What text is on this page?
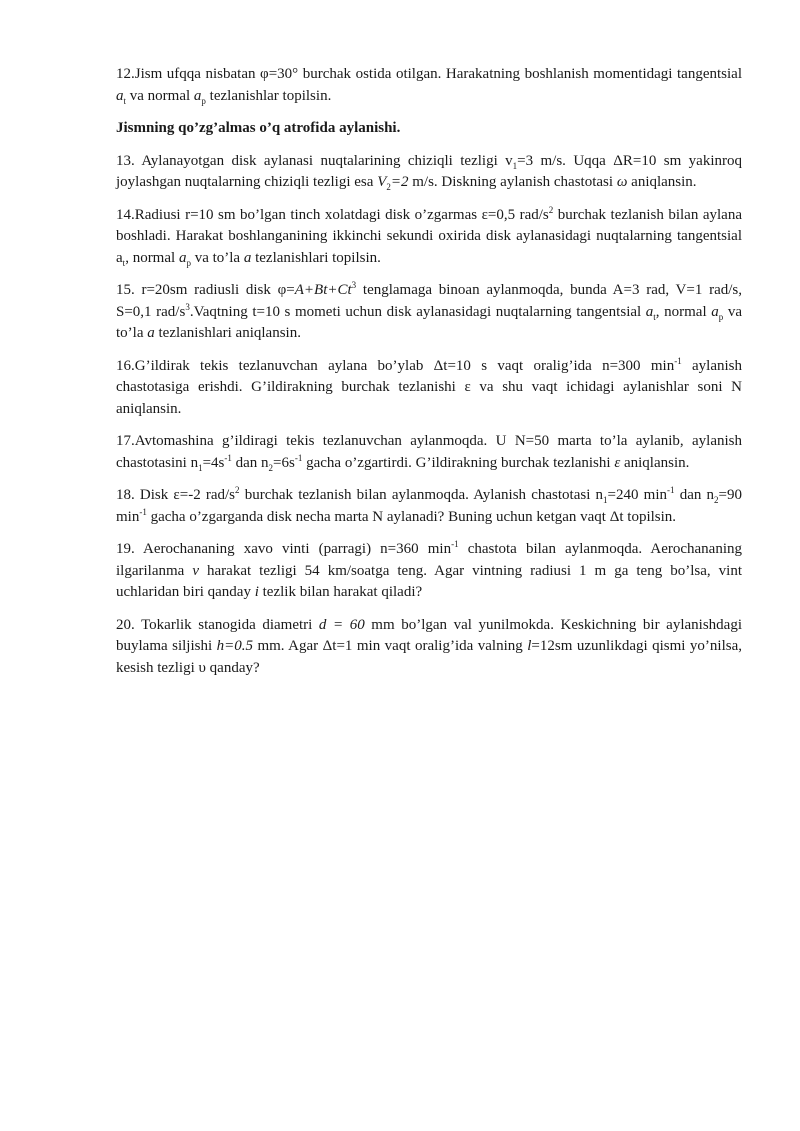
12.Jism ufqqa nisbatan φ=30° burchak ostida otilgan. Harakatning boshlanish momentidagi tangentsial $a_t$ va normal $a_p$ tezlanishlar topilsin.

Jismning qo’zg’almas o’q atrofida aylanishi.

13. Aylanayotgan disk aylanasi nuqtalarining chiziqli tezligi $v_1=3$ m/s. Uqqa ΔR=10 sm yakinroq joylashgan nuqtalarning chiziqli tezligi esa $V_2=2$ m/s. Diskning aylanish chastotasi ω aniqlansin.

14.Radiusi r=10 sm bo’lgan tinch xolatdagi disk o’zgarmas ε=0,5 rad/$s^2$ burchak tezlanish bilan aylana boshladi. Harakat boshlanganining ikkinchi sekundi oxirida disk aylanasidagi nuqtalarning tangentsial $a_t$, normal $a_p$ va to’la a tezlanishlari topilsin.

15. r=20sm radiusli disk $\varphi=A+Bt+Ct^3$ tenglamaga binoan aylanmoqda, bunda A=3 rad, V=1 rad/s, S=0,1 rad/$s^3.Vaqtning$ t=10 s mometi uchun disk aylanasidagi nuqtalarning tangentsial $a_t$, normal $a_p$ va to’la a tezlanishlari aniqlansin.

16.G’ildirak tekis tezlanuvchan aylana bo’ylab Δt=10 s vaqt oralig’ida n=300 $\min^{-1}$ aylanish chastotasiga erishdi. G’ildirakning burchak tezlanishi ε va shu vaqt ichidagi aylanishlar soni N aniqlansin.

17.Avtomashina g’ildiragi tekis tezlanuvchan aylanmoqda. U N=50 marta to’la aylanib, aylanish chastotasini $n_1=4s^{-1}$ dan $n_2=6s^{-1}$ gacha o’zgartirdi. G’ildirakning burchak tezlanishi ε aniqlansin.

18. Disk ε=-2 rad/$s^2$ burchak tezlanish bilan aylanmoqda. Aylanish chastotasi $n_1=240$ $\min^{-1}$ dan $n_2=90$ $\min^{-1}$ gacha o’zgarganda disk necha marta N aylanadi? Buning uchun ketgan vaqt Δt topilsin.

19. Aerochananing xavo vinti (parragi) n=360 $\min^{-1}$ chastota bilan aylanmoqda. Aerochananing ilgarilanma v harakat tezligi 54 km/soatga teng. Agar vintning radiusi 1 m ga teng bo’lsa, vint uchlaridan biri qanday i tezlik bilan harakat qiladi?

20. Tokarlik stanogida diametri d = 60 mm bo’lgan val yunilmokda. Keskichning bir aylanishdagi buylama siljishi h=0.5 mm. Agar Δt=1 min vaqt oralig’ida valning l=12sm uzunlikdagi qismi yo’nilsa, kesish tezligi υ qanday?
